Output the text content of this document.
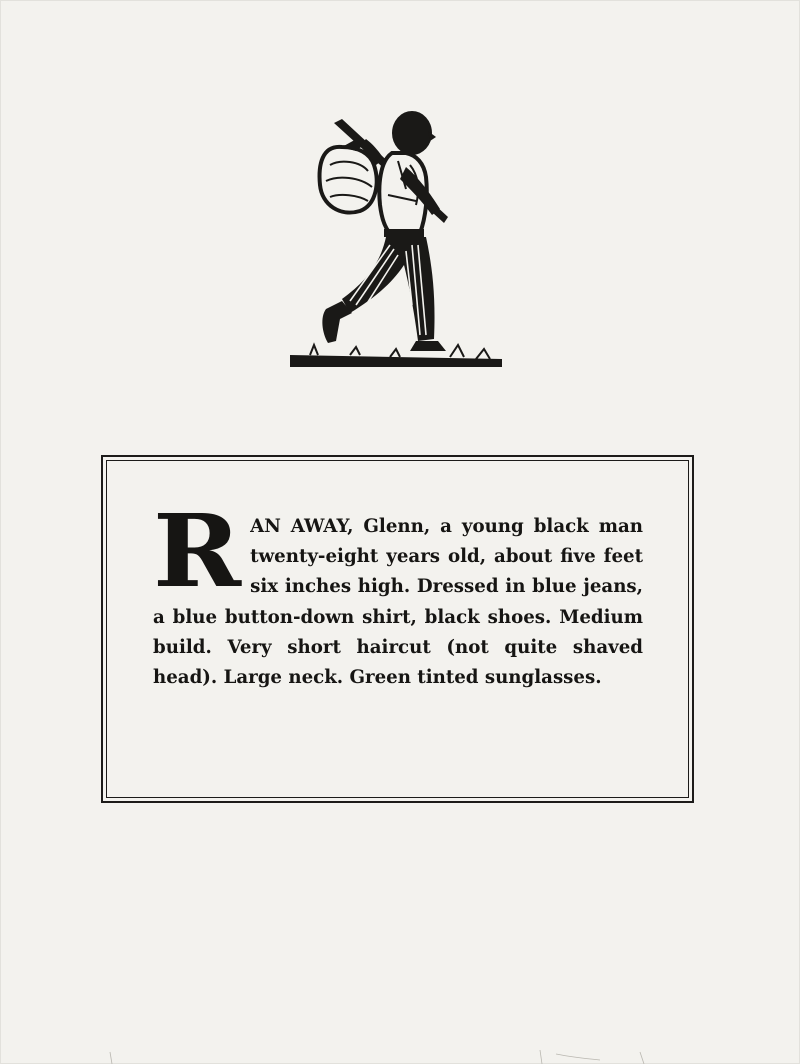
RAN AWAY, Glenn, a young black man twenty-eight years old, about five feet six inches high. Dressed in blue jeans, a blue button-down shirt, black shoes. Medium build. Very short haircut (not quite shaved head). Large neck. Green tinted sunglasses.
